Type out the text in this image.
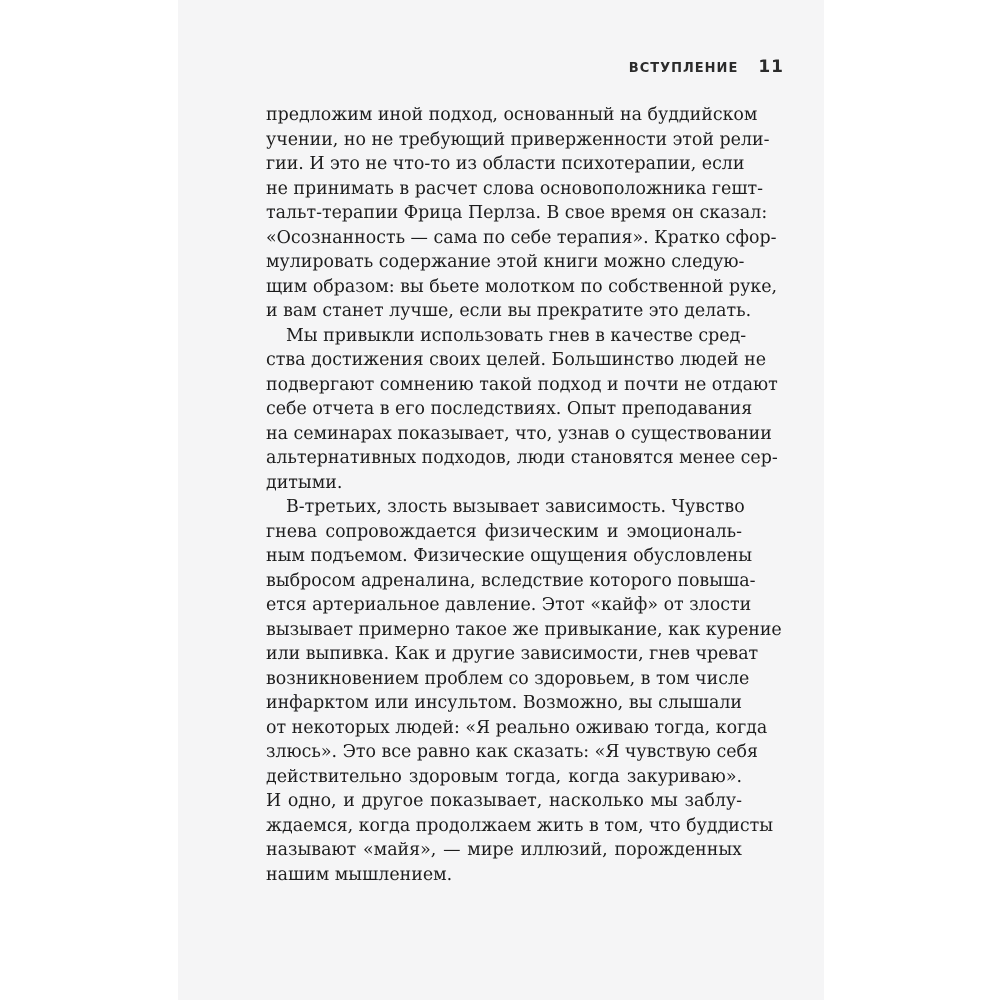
ВСТУПЛЕНИЕ 11
предложим иной подход, основанный на буддийском
учении, но не требующий приверженности этой рели-
гии. И это не что-то из области психотерапии, если
не принимать в расчет слова основоположника гешт-
тальт-терапии Фрица Перлза. В свое время он сказал:
«Осознанность — сама по себе терапия». Кратко сфор-
мулировать содержание этой книги можно следую-
щим образом: вы бьете молотком по собственной руке,
и вам станет лучше, если вы прекратите это делать.
Мы привыкли использовать гнев в качестве сред-
ства достижения своих целей. Большинство людей не
подвергают сомнению такой подход и почти не отдают
себе отчета в его последствиях. Опыт преподавания
на семинарах показывает, что, узнав о существовании
альтернативных подходов, люди становятся менее сер-
дитыми.
В-третьих, злость вызывает зависимость. Чувство
гнева сопровождается физическим и эмоциональ-
ным подъемом. Физические ощущения обусловлены
выбросом адреналина, вследствие которого повыша-
ется артериальное давление. Этот «кайф» от злости
вызывает примерно такое же привыкание, как курение
или выпивка. Как и другие зависимости, гнев чреват
возникновением проблем со здоровьем, в том числе
инфарктом или инсультом. Возможно, вы слышали
от некоторых людей: «Я реально оживаю тогда, когда
злюсь». Это все равно как сказать: «Я чувствую себя
действительно здоровым тогда, когда закуриваю».
И одно, и другое показывает, насколько мы заблу-
ждаемся, когда продолжаем жить в том, что буддисты
называют «майя», — мире иллюзий, порожденных
нашим мышлением.
